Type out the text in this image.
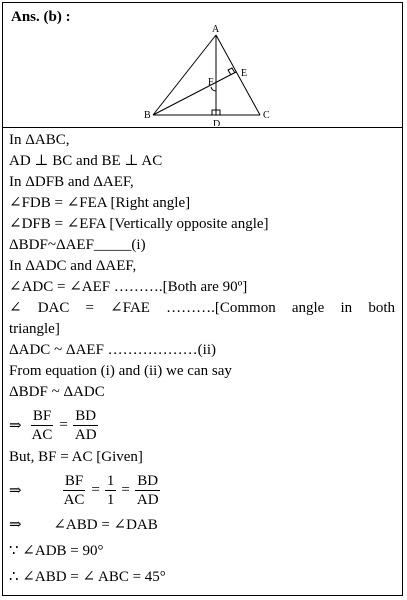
Ans. (b) :
A
B	C
D
E
F
In ΔABC,
AD ⊥ BC and BE ⊥ AC
In ΔDFB and ΔAEF,
∠FDB = ∠FEA [Right angle]
∠DFB = ∠EFA [Vertically opposite angle]
ΔBDF~ΔAEF_____(i)
In ΔADC and ΔAEF,
∠ADC = ∠AEF ……….[Both are 90º]
∠ DAC = ∠FAE ……….[Common angle in both
triangle]
ΔADC ~ ΔAEF ………………(ii)
From equation (i) and (ii) we can say
ΔBDF ~ ΔADC
⇒ $\frac{BF}{AC} = \frac{BD}{AD}$
But, BF = AC [Given]
⇒	$\frac{BF}{AC} = \frac{1}{1} = \frac{BD}{AD}$
⇒ ∠ABD = ∠DAB
∵ ∠ADB = 90°
∴ ∠ABD = ∠ ABC = 45°
